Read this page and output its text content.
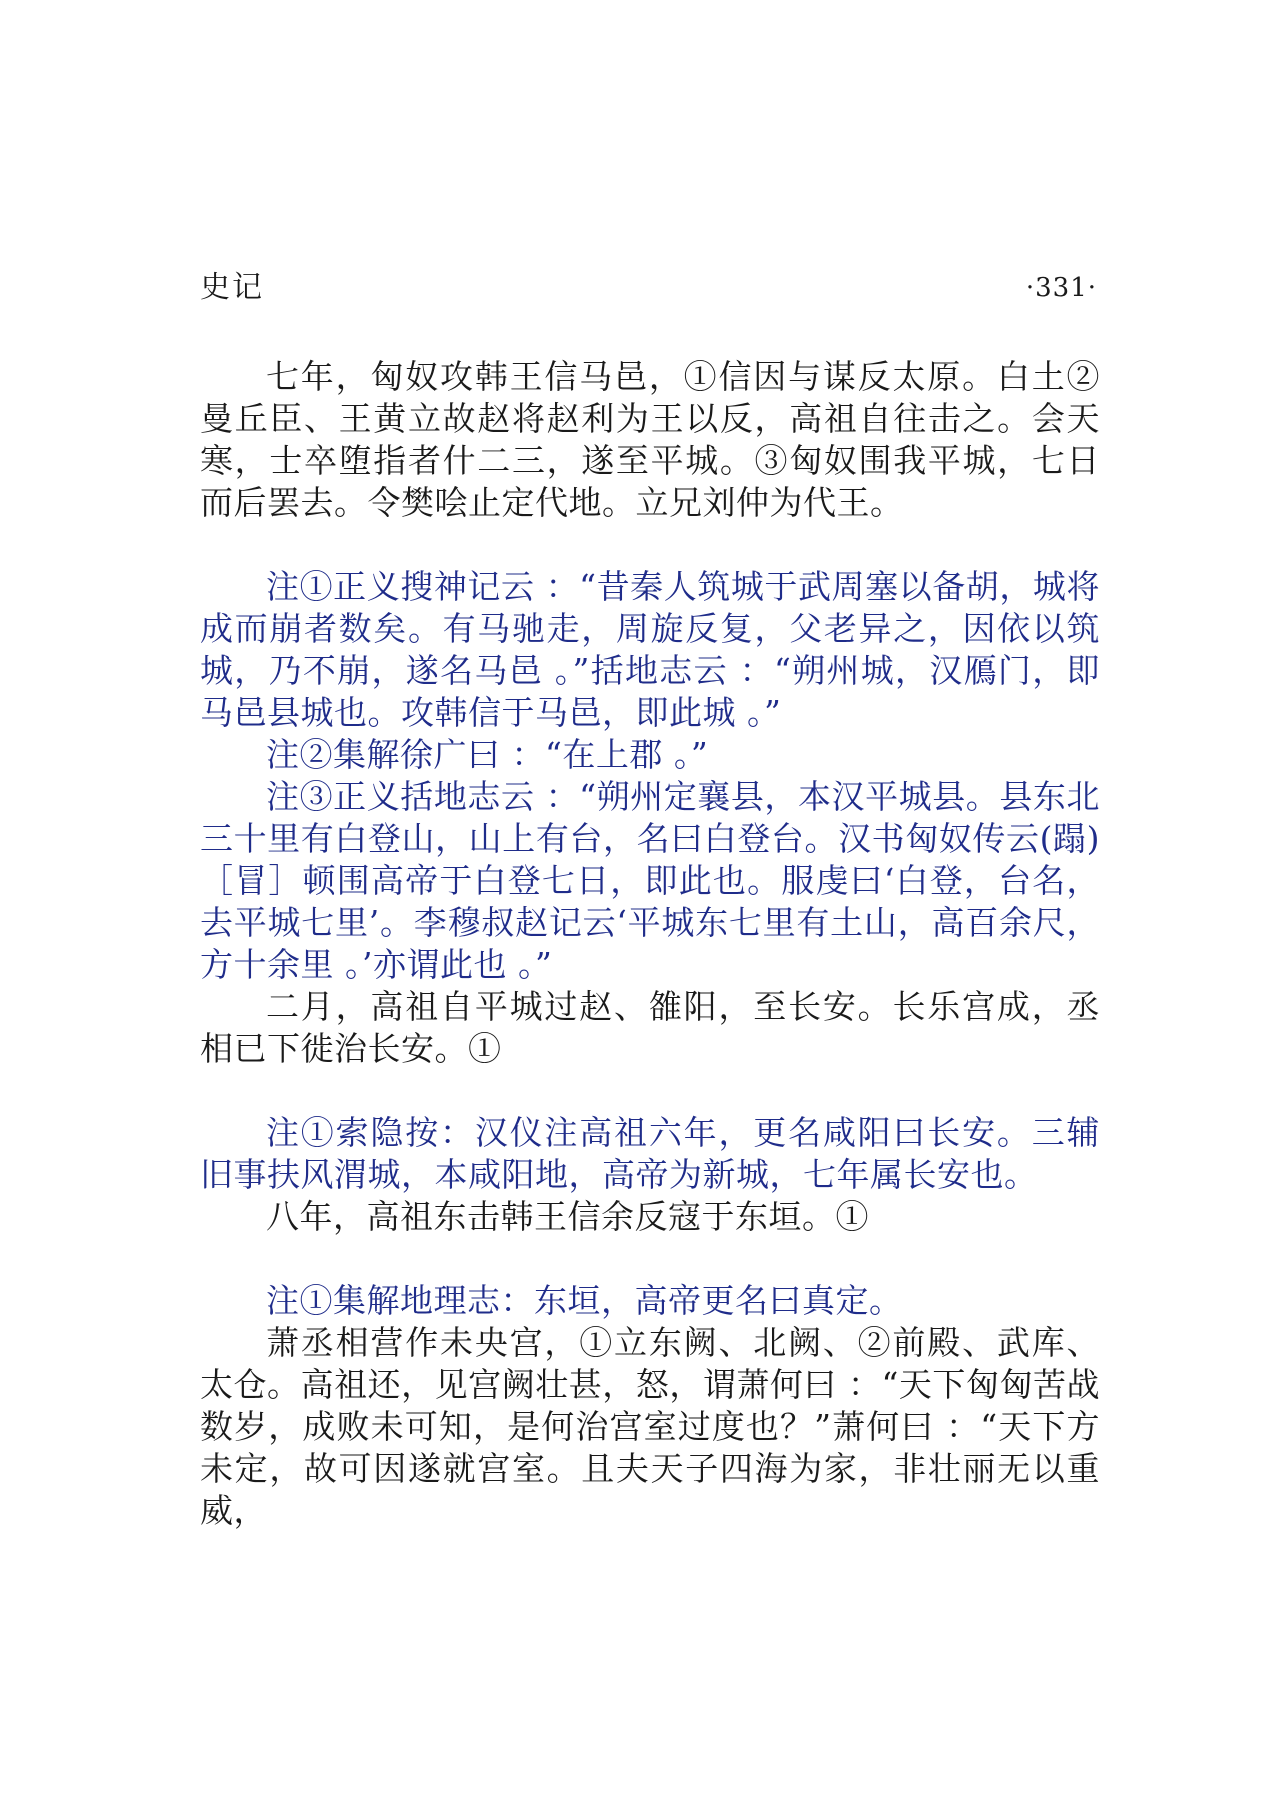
史记	·331·

七年，匈奴攻韩王信马邑，①信因与谋反太原。白土②曼丘臣、王黄立故赵将赵利为王以反，高祖自往击之。会天寒，士卒堕指者什二三，遂至平城。③匈奴围我平城，七日而后罢去。令樊哙止定代地。立兄刘仲为代王。

注①正义搜神记云 ：“昔秦人筑城于武周塞以备胡，城将成而崩者数矣。有马驰走，周旋反复，父老异之，因依以筑城，乃不崩，遂名马邑 。”括地志云 ：“朔州城，汉鴈门，即马邑县城也。攻韩信于马邑，即此城 。”

注②集解徐广曰 ：“在上郡 。”

注③正义括地志云 ：“朔州定襄县，本汉平城县。县东北三十里有白登山，山上有台，名曰白登台。汉书匈奴传云(蹋)［冒］顿围高帝于白登七日，即此也。服虔曰‘白登，台名，去平城七里’。李穆叔赵记云‘平城东七里有土山，高百余尺，方十余里 。’亦谓此也 。”

二月，高祖自平城过赵、雒阳，至长安。长乐宫成，丞相已下徙治长安。①

注①索隐按：汉仪注高祖六年，更名咸阳曰长安。三辅旧事扶风渭城，本咸阳地，高帝为新城，七年属长安也。

八年，高祖东击韩王信余反寇于东垣。①

注①集解地理志：东垣，高帝更名曰真定。

萧丞相营作未央宫，①立东阙、北阙、②前殿、武库、太仓。高祖还，见宫阙壮甚，怒，谓萧何曰 ：“天下匈匈苦战数岁，成败未可知，是何治宫室过度也？”萧何曰 ：“天下方未定，故可因遂就宫室。且夫天子四海为家，非壮丽无以重威，
